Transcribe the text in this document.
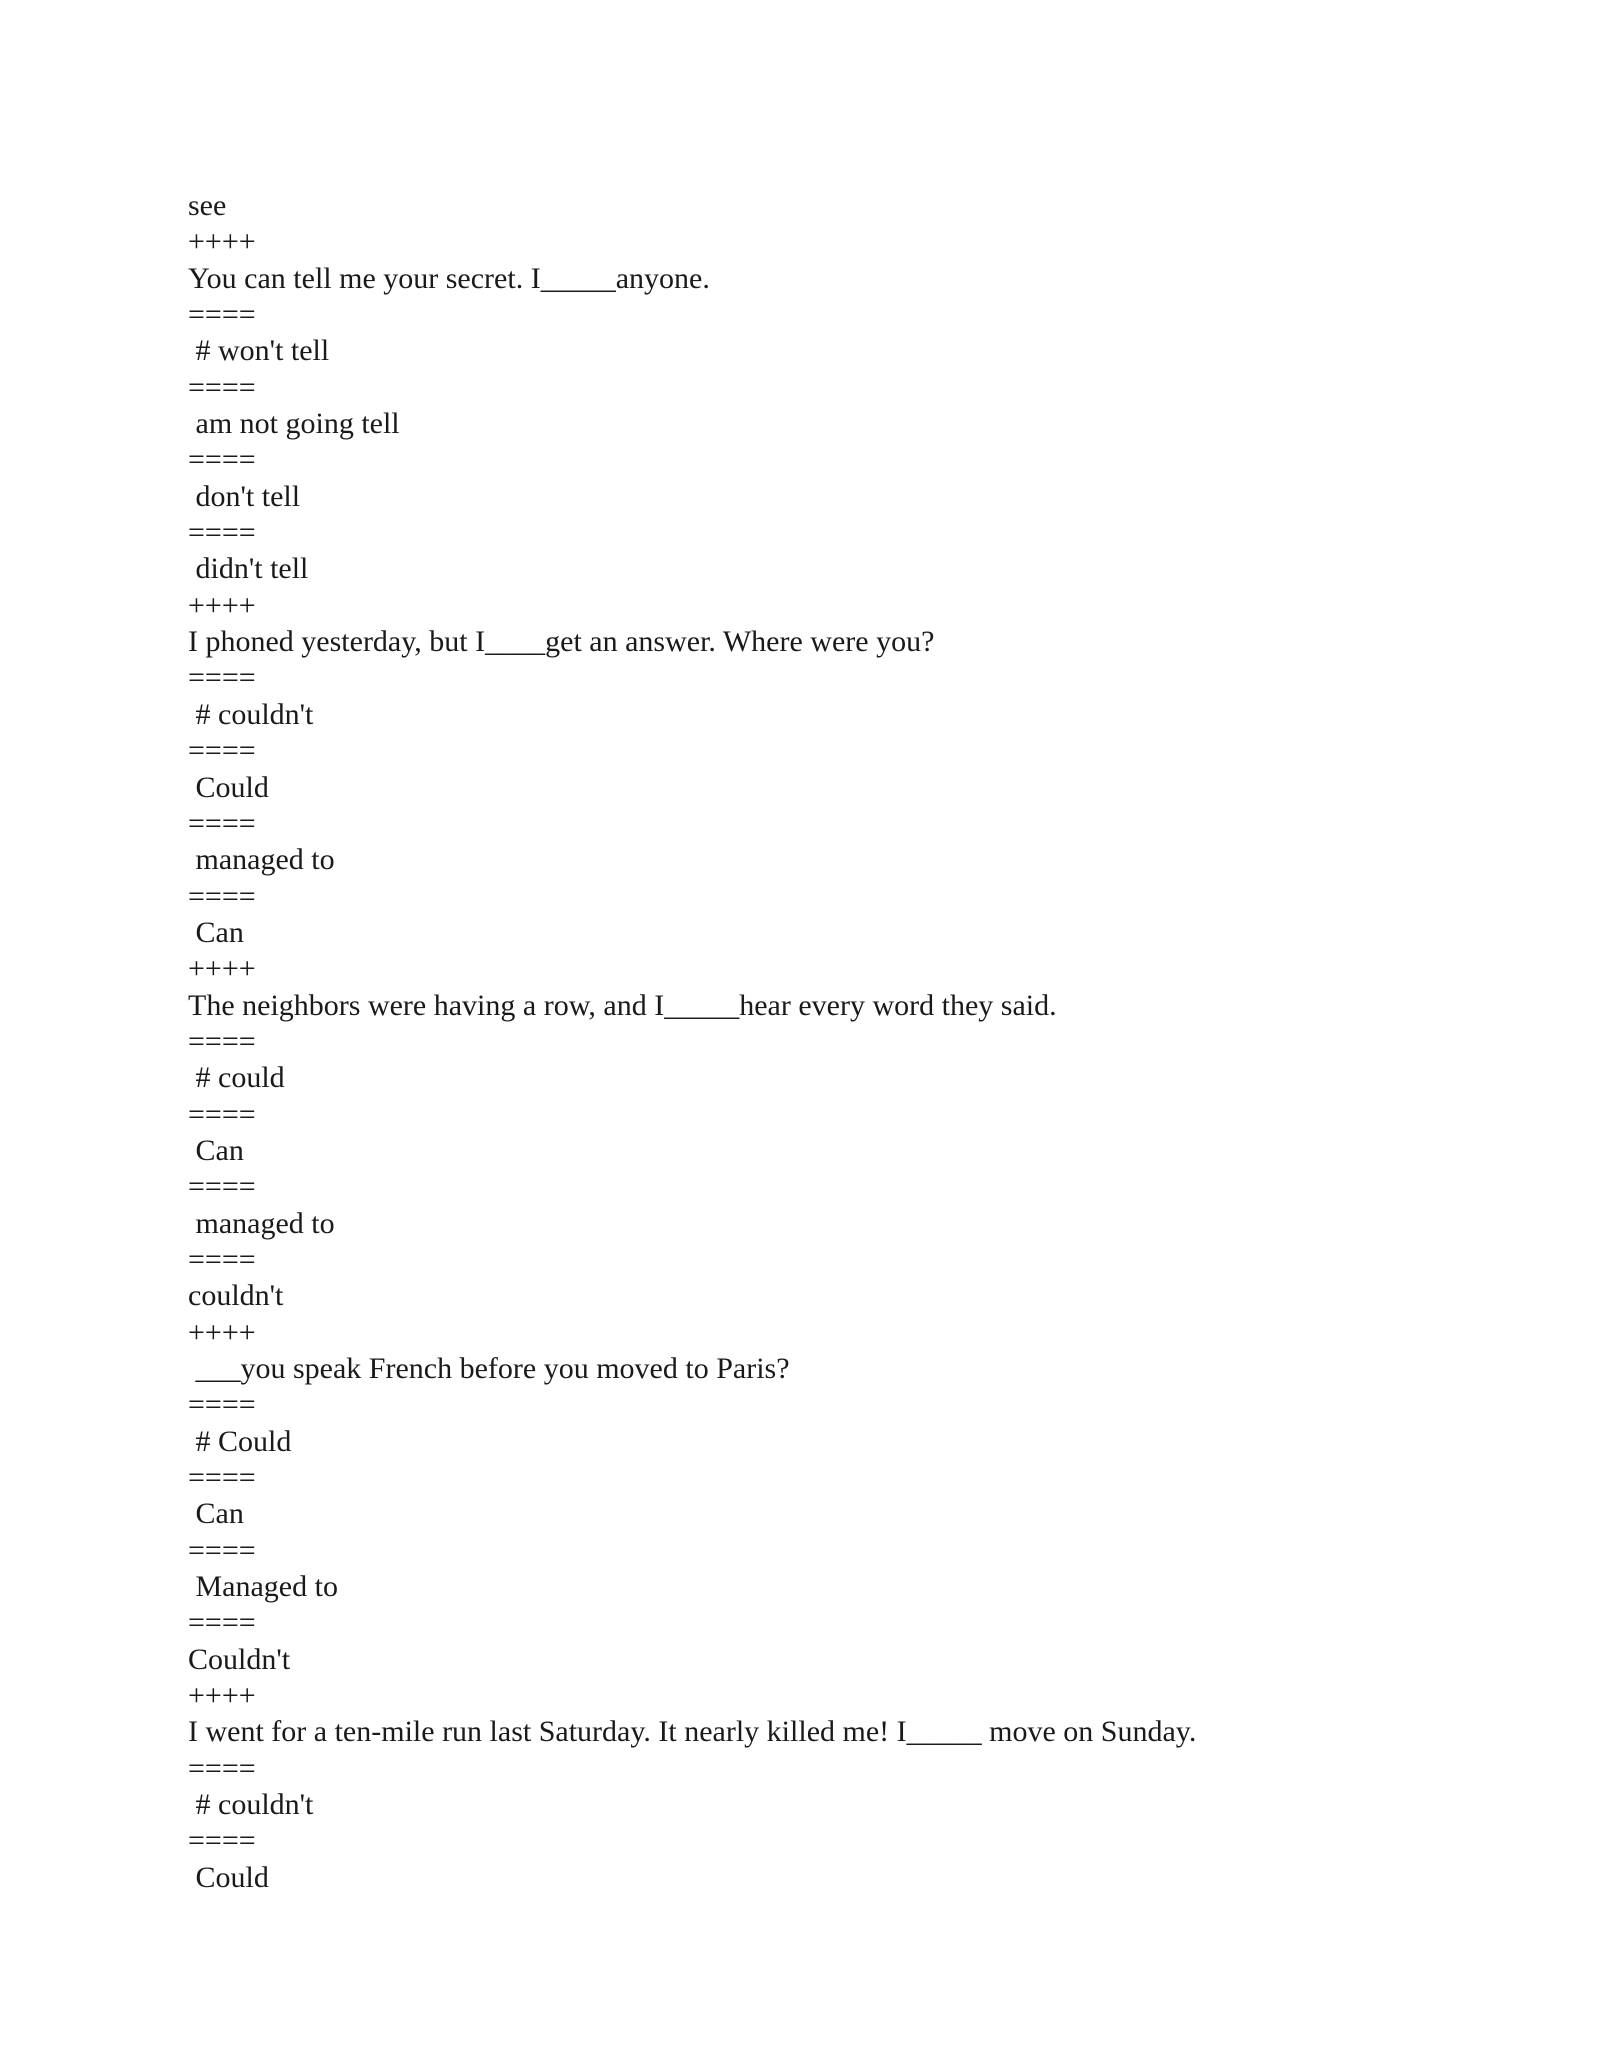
see

++++

You can tell me your secret. I_____anyone.

====

# won't tell

====

am not going tell

====

don't tell

====

didn't tell

++++

I phoned yesterday, but I____get an answer. Where were you?

====

# couldn't

====

Could

====

managed to

====

Can

++++

The neighbors were having a row, and I_____hear every word they said.

====

# could

====

Can

====

managed to

====

couldn't

++++

___you speak French before you moved to Paris?

====

# Could

====

Can

====

Managed to

====

Couldn't

++++

I went for a ten-mile run last Saturday. It nearly killed me! I_____ move on Sunday.

====

# couldn't

====

Could
